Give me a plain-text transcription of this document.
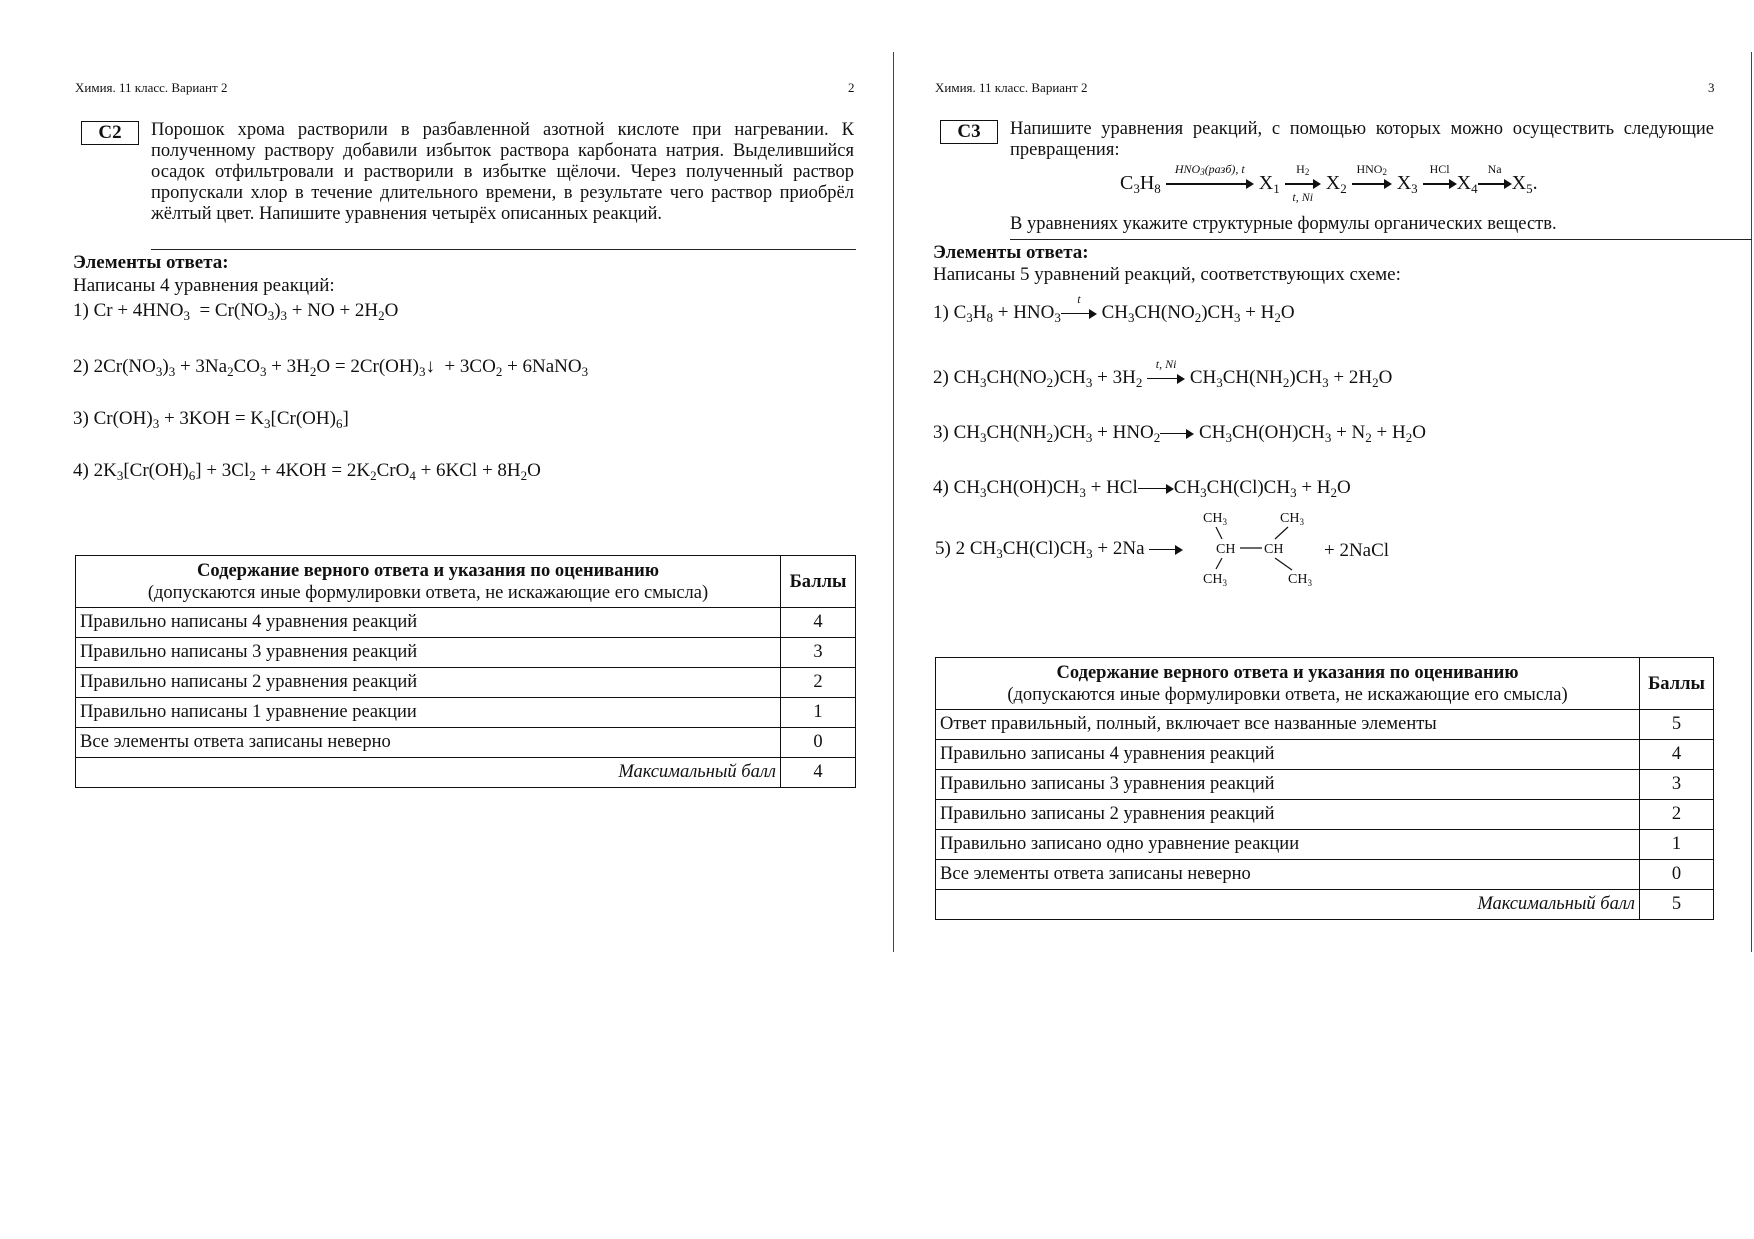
Химия. 11 класс. Вариант 2	2
C2	Порошок хрома растворили в разбавленной азотной кислоте при нагревании. К полученному раствору добавили избыток раствора карбоната натрия. Выделившийся осадок отфильтровали и растворили в избытке щёлочи. Через полученный раствор пропускали хлор в течение длительного времени, в результате чего раствор приобрёл жёлтый цвет. Напишите уравнения четырёх описанных реакций.
Элементы ответа:
Написаны 4 уравнения реакций:
1) $Cr + 4HNO_3 = Cr(NO_3)_3$ + NO + $2H_2O$
2) $2Cr(NO_3)_3 + 3Na_2CO_3 + 3H_2O$ = $2Cr(OH)_3↓ + 3CO_2$ + 6NaNO$_3$
3) $Cr(OH)_3 + 3KOH = K_3[Cr(OH)_6]$
4) $2K_3[Cr(OH)_6] + 3Cl_2 + 4KOH = 2K_2CrO_4 + 6KCl + 8H_2O$
Содержание верного ответа и указания по оцениванию
(допускаются иные формулировки ответа, не искажающие его смысла)	Баллы
Правильно написаны 4 уравнения реакций	4
Правильно написаны 3 уравнения реакций	3
Правильно написаны 2 уравнения реакций	2
Правильно написаны 1 уравнение реакции	1
Все элементы ответа записаны неверно	0
Максимальный балл	4
Химия. 11 класс. Вариант 2	3
C3	Напишите уравнения реакций, с помощью которых можно осуществить следующие превращения:
$C_3H_8$
$HNO_3(разб)$, t
$X_1$
$H_2$
t, Ni
$X_2$
$HNO_2$ $X_3$
HCl
$X_4$
Na
$X_5$.
В уравнениях укажите структурные формулы органических веществ.
Элементы ответа:
Написаны 5 уравнений реакций, соответствующих схеме:
1) $C_3H_8 + HNO_3$
t
$CH_3CH(NO_2)CH_3 + H_2O$
2) $CH_3CH(NO_2)CH_3 + 3H_2$
t, Ni
$CH_3CH(NH_2)CH_3 + 2H_2O$
3) $CH_3CH(NH_2)CH_3 + HNO_2$ $CH_3CH(OH)CH_3 + N_2 + H_2O$
4) $CH_3CH(OH)CH_3$ + HCl $CH_3CH(Cl)CH_3 + H_2O$
5) 2 $CH_3CH(Cl)CH_3 + 2Na$
$CH_3$	$CH_3$
CH CH
$CH_3$	$CH_3$
+ 2NaCl
Содержание верного ответа и указания по оцениванию
(допускаются иные формулировки ответа, не искажающие его смысла)	Баллы
Ответ правильный, полный, включает все названные элементы	5
Правильно записаны 4 уравнения реакций	4
Правильно записаны 3 уравнения реакций	3
Правильно записаны 2 уравнения реакций	2
Правильно записано одно уравнение реакции	1
Все элементы ответа записаны неверно	0
Максимальный балл	5
